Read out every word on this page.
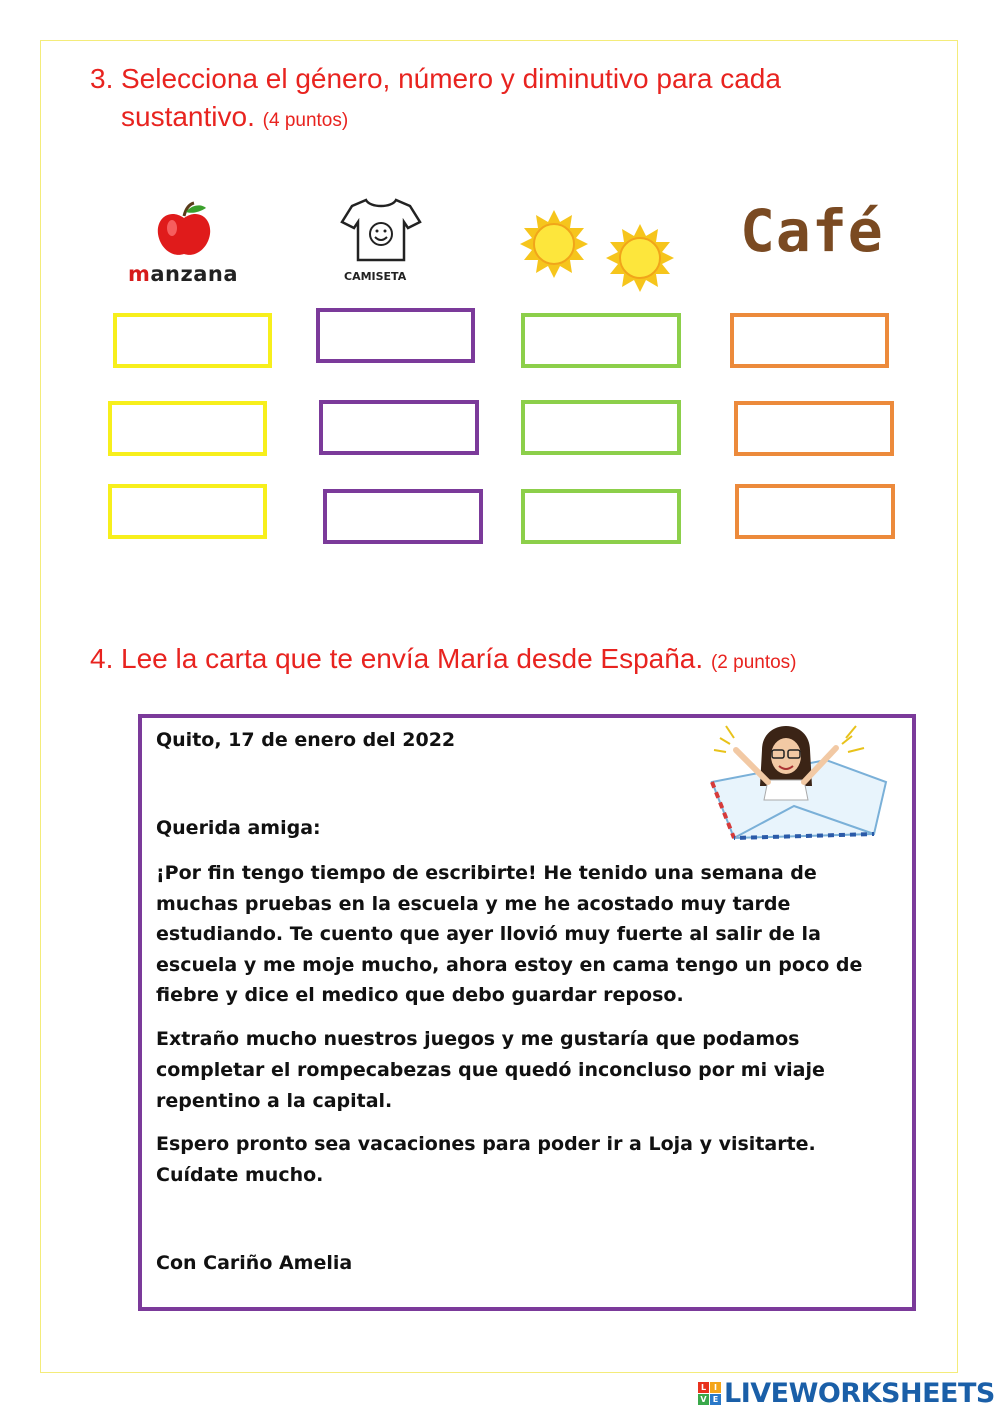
3. Selecciona el género, número y diminutivo para cada
sustantivo. (4 puntos)
manzana	CAMISETA
Café
4. Lee la carta que te envía María desde España. (2 puntos)
Quito, 17 de enero del 2022
Querida amiga:
¡Por fin tengo tiempo de escribirte! He tenido una semana de
muchas pruebas en la escuela y me he acostado muy tarde
estudiando. Te cuento que ayer llovió muy fuerte al salir de la
escuela y me moje mucho, ahora estoy en cama tengo un poco de
fiebre y dice el medico que debo guardar reposo.
Extraño mucho nuestros juegos y me gustaría que podamos
completar el rompecabezas que quedó inconcluso por mi viaje
repentino a la capital.
Espero pronto sea vacaciones para poder ir a Loja y visitarte.
Cuídate mucho.
Con Cariño Amelia
L I
V E LIVEWORKSHEETS
